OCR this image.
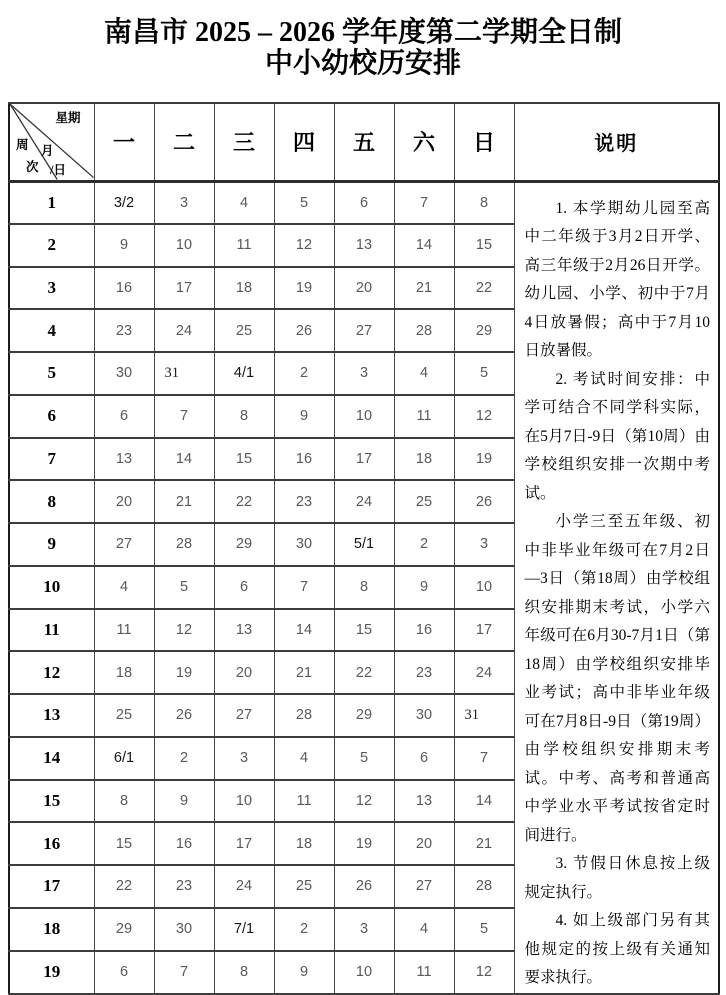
南昌市 2025 – 2026 学年度第二学期全日制
中小幼校历安排
星期
周
次
月
/日	一	二	三	四	五	六	日	说明
1	3/2	3	4	5	6	7	8	1. 本学期幼儿园至高中二年级于3月2日开学、高三年级于2月26日开学。幼儿园、小学、初中于7月4日放暑假；高中于7月10日放暑假。

2. 考试时间安排：中学可结合不同学科实际，在5月7日-9日（第10周）由学校组织安排一次期中考试。

小学三至五年级、初中非毕业年级可在7月2日—3日（第18周）由学校组织安排期末考试，小学六年级可在6月30-7月1日（第18周）由学校组织安排毕业考试；高中非毕业年级可在7月8日-9日（第19周）由学校组织安排期末考试。中考、高考和普通高中学业水平考试按省定时间进行。

3. 节假日休息按上级规定执行。

4. 如上级部门另有其他规定的按上级有关通知要求执行。

2	9	10	11	12	13	14	15	
3	16	17	18	19	20	21	22	
4	23	24	25	26	27	28	29	
5	30	31	4/1	2	3	4	5	
6	6	7	8	9	10	11	12	
7	13	14	15	16	17	18	19	
8	20	21	22	23	24	25	26	
9	27	28	29	30	5/1	2	3	
10	4	5	6	7	8	9	10	
11	11	12	13	14	15	16	17	
12	18	19	20	21	22	23	24	
13	25	26	27	28	29	30	31	
14	6/1	2	3	4	5	6	7	
15	8	9	10	11	12	13	14	
16	15	16	17	18	19	20	21	
17	22	23	24	25	26	27	28	
18	29	30	7/1	2	3	4	5	
19	6	7	8	9	10	11	12	
